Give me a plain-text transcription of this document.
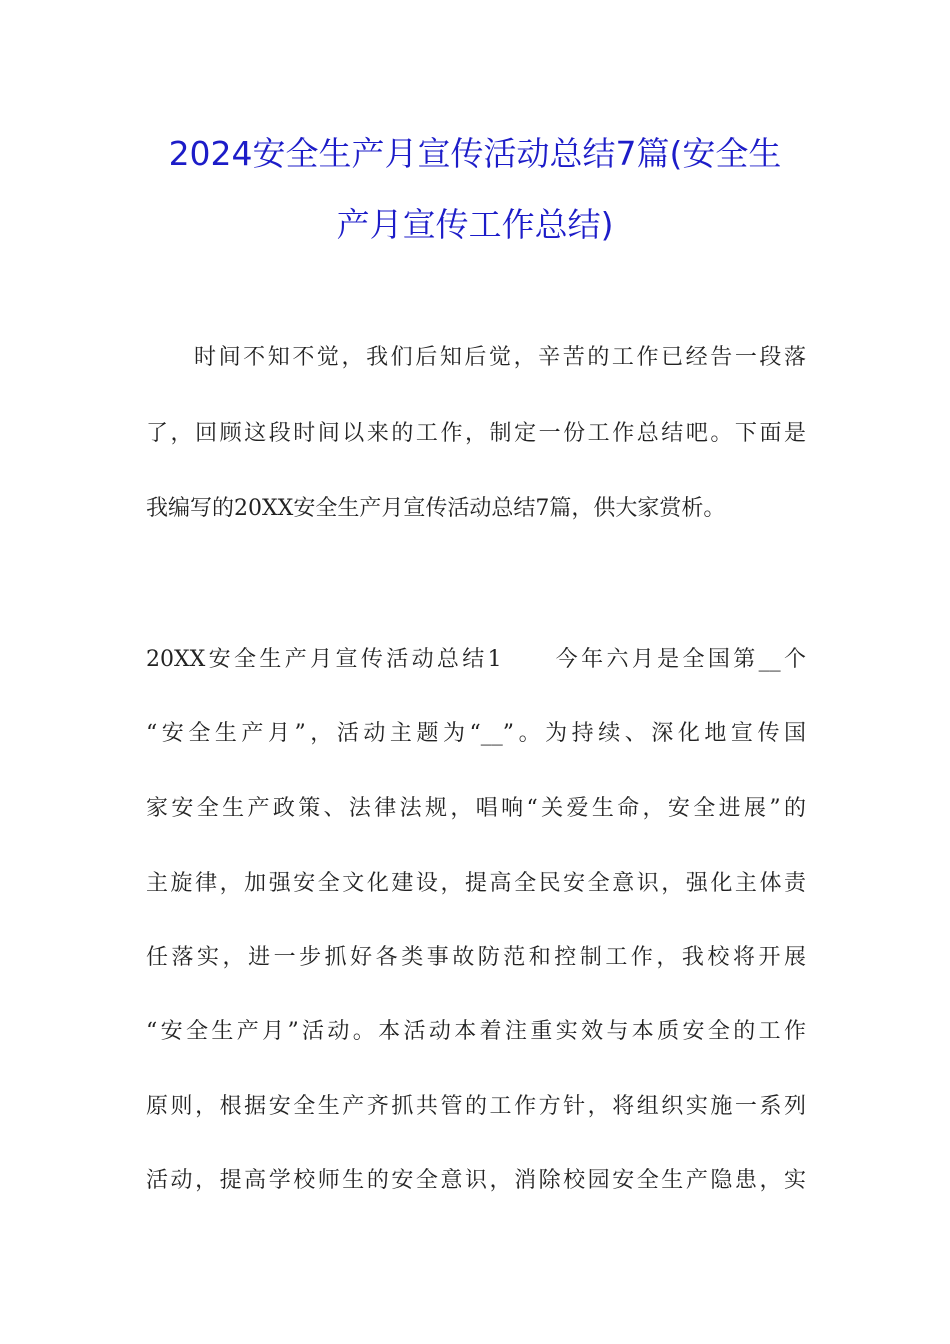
2024安全生产月宣传活动总结7篇(安全生
产月宣传工作总结)
时间不知不觉，我们后知后觉，辛苦的工作已经告一段落
了，回顾这段时间以来的工作，制定一份工作总结吧。下面是
我编写的20XX安全生产月宣传活动总结7篇，供大家赏析。
20XX安全生产月宣传活动总结1　　今年六月是全国第__个
“安全生产月”，活动主题为“__”。为持续、深化地宣传国
家安全生产政策、法律法规，唱响“关爱生命，安全进展”的
主旋律，加强安全文化建设，提高全民安全意识，强化主体责
任落实，进一步抓好各类事故防范和控制工作，我校将开展
“安全生产月”活动。本活动本着注重实效与本质安全的工作
原则，根据安全生产齐抓共管的工作方针，将组织实施一系列
活动，提高学校师生的安全意识，消除校园安全生产隐患，实
